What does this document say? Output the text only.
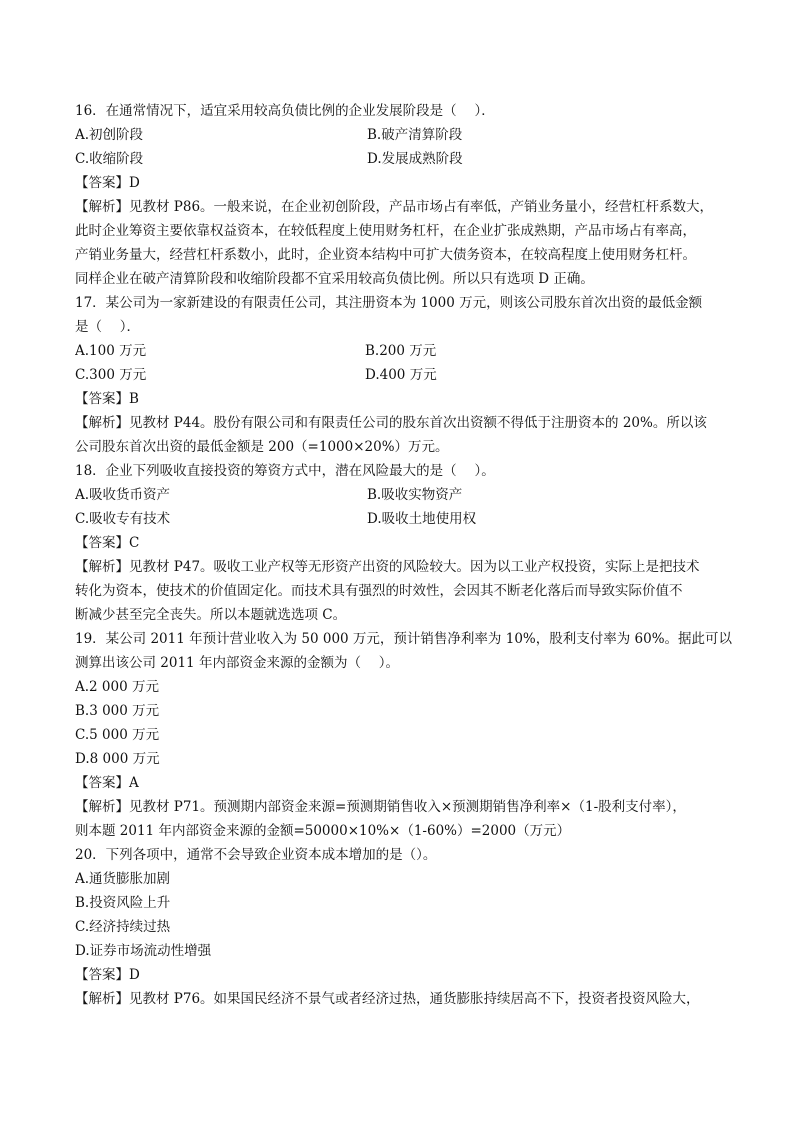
16．在通常情况下，适宜采用较高负债比例的企业发展阶段是（　 ）．
A.初创阶段	B.破产清算阶段
C.收缩阶段	D.发展成熟阶段
【答案】D
【解析】见教材 P86。一般来说，在企业初创阶段，产品市场占有率低，产销业务量小，经营杠杆系数大，
此时企业筹资主要依靠权益资本，在较低程度上使用财务杠杆，在企业扩张成熟期，产品市场占有率高，
产销业务量大，经营杠杆系数小，此时，企业资本结构中可扩大债务资本，在较高程度上使用财务杠杆。
同样企业在破产清算阶段和收缩阶段都不宜采用较高负债比例。所以只有选项 D 正确。
17．某公司为一家新建设的有限责任公司，其注册资本为 1000 万元，则该公司股东首次出资的最低金额
是（　 ）．
A.100 万元	B.200 万元
C.300 万元	D.400 万元
【答案】B
【解析】见教材 P44。股份有限公司和有限责任公司的股东首次出资额不得低于注册资本的 20%。所以该
公司股东首次出资的最低金额是 200（=1000×20%）万元。
18．企业下列吸收直接投资的筹资方式中，潜在风险最大的是（　 ）。
A.吸收货币资产	B.吸收实物资产
C.吸收专有技术	D.吸收土地使用权
【答案】C
【解析】见教材 P47。吸收工业产权等无形资产出资的风险较大。因为以工业产权投资，实际上是把技术
转化为资本，使技术的价值固定化。而技术具有强烈的时效性，会因其不断老化落后而导致实际价值不
断减少甚至完全丧失。所以本题就选选项 C。
19．某公司 2011 年预计营业收入为 50 000 万元，预计销售净利率为 10%，股利支付率为 60%。据此可以
测算出该公司 2011 年内部资金来源的金额为（　 ）。
A.2 000 万元
B.3 000 万元
C.5 000 万元
D.8 000 万元
【答案】A
【解析】见教材 P71。预测期内部资金来源=预测期销售收入×预测期销售净利率×（1-股利支付率），
则本题 2011 年内部资金来源的金额=50000×10%×（1-60%）=2000（万元）
20．下列各项中，通常不会导致企业资本成本增加的是（）。
A.通货膨胀加剧
B.投资风险上升
C.经济持续过热
D.证券市场流动性增强
【答案】D
【解析】见教材 P76。如果国民经济不景气或者经济过热，通货膨胀持续居高不下，投资者投资风险大，
